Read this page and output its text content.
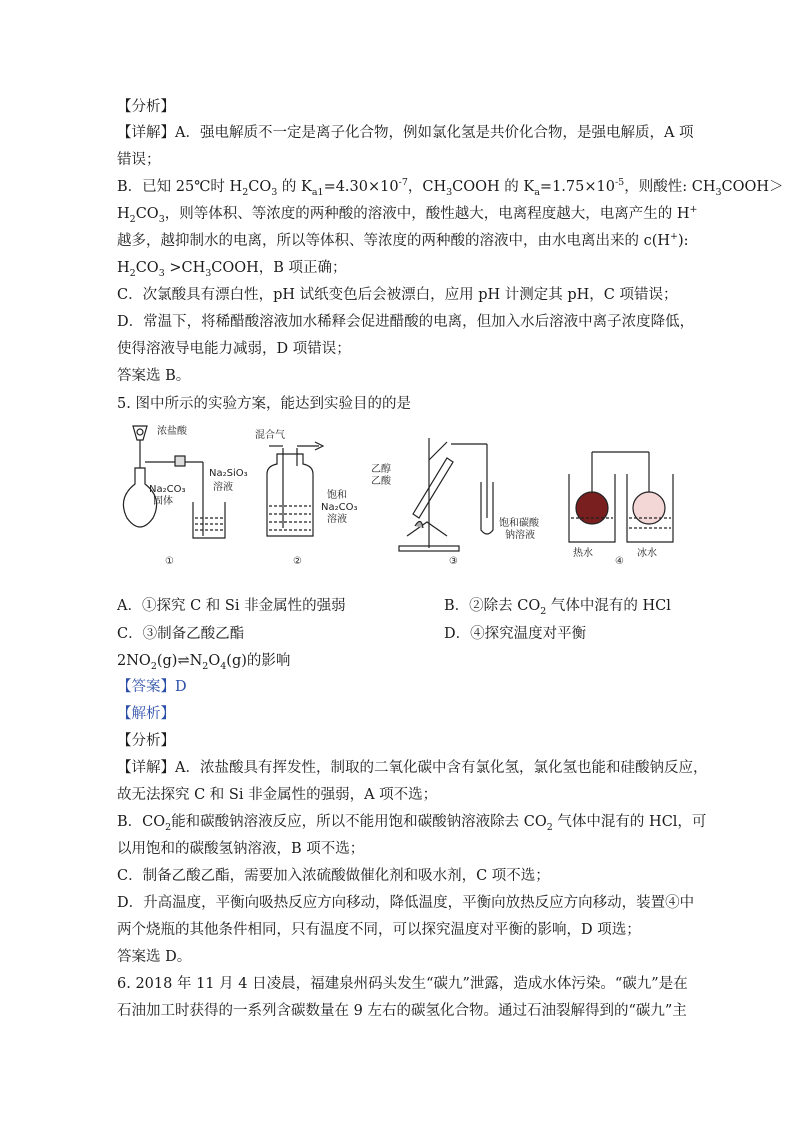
【分析】
【详解】A．强电解质不一定是离子化合物，例如氯化氢是共价化合物，是强电解质，A 项
错误；
B．已知 25℃时 $H_2CO_3$ 的 $K_{a1}=4.30\times 10^{-7}$，$CH_3COOH$ 的 $K_a=1.75\times 10^{-5}$，则酸性: $CH_3COOH>$
$H_2CO_3$，则等体积、等浓度的两种酸的溶液中，酸性越大，电离程度越大，电离产生的 H+
越多，越抑制水的电离，所以等体积、等浓度的两种酸的溶液中，由水电离出来的 c(H+):
$H_2CO_3$ $>CH_3COOH$，B 项正确；
C．次氯酸具有漂白性，pH 试纸变色后会被漂白，应用 pH 计测定其 pH，C 项错误；
D．常温下，将稀醋酸溶液加水稀释会促进醋酸的电离，但加入水后溶液中离子浓度降低，
使得溶液导电能力减弱，D 项错误；
答案选 B。
5. 图中所示的实验方案，能达到实验目的的是
浓盐酸
Na₂CO₃
固体
Na₂SiO₃
溶液
混合气
饱和
Na₂CO₃
溶液
乙醇
乙酸
饱和碳酸
钠溶液
热水	冰水
①	②	③	④
A．①探究 C 和 Si 非金属性的强弱	B．②除去 $CO_2$ 气体中混有的 HCl
C．③制备乙酸乙酯	D．④探究温度对平衡
$2NO_2(g)\rightleftharpoons N_2O_4(g)$的影响
【答案】D
【解析】
【分析】
【详解】A．浓盐酸具有挥发性，制取的二氧化碳中含有氯化氢，氯化氢也能和硅酸钠反应，
故无法探究 C 和 Si 非金属性的强弱，A 项不选；
B．$CO_2$能和碳酸钠溶液反应，所以不能用饱和碳酸钠溶液除去 $CO_2$ 气体中混有的 HCl，可
以用饱和的碳酸氢钠溶液，B 项不选；
C．制备乙酸乙酯，需要加入浓硫酸做催化剂和吸水剂，C 项不选；
D．升高温度，平衡向吸热反应方向移动，降低温度，平衡向放热反应方向移动，装置④中
两个烧瓶的其他条件相同，只有温度不同，可以探究温度对平衡的影响，D 项选；
答案选 D。
6. 2018 年 11 月 4 日凌晨，福建泉州码头发生“碳九”泄露，造成水体污染。“碳九”是在
石油加工时获得的一系列含碳数量在 9 左右的碳氢化合物。通过石油裂解得到的“碳九”主
